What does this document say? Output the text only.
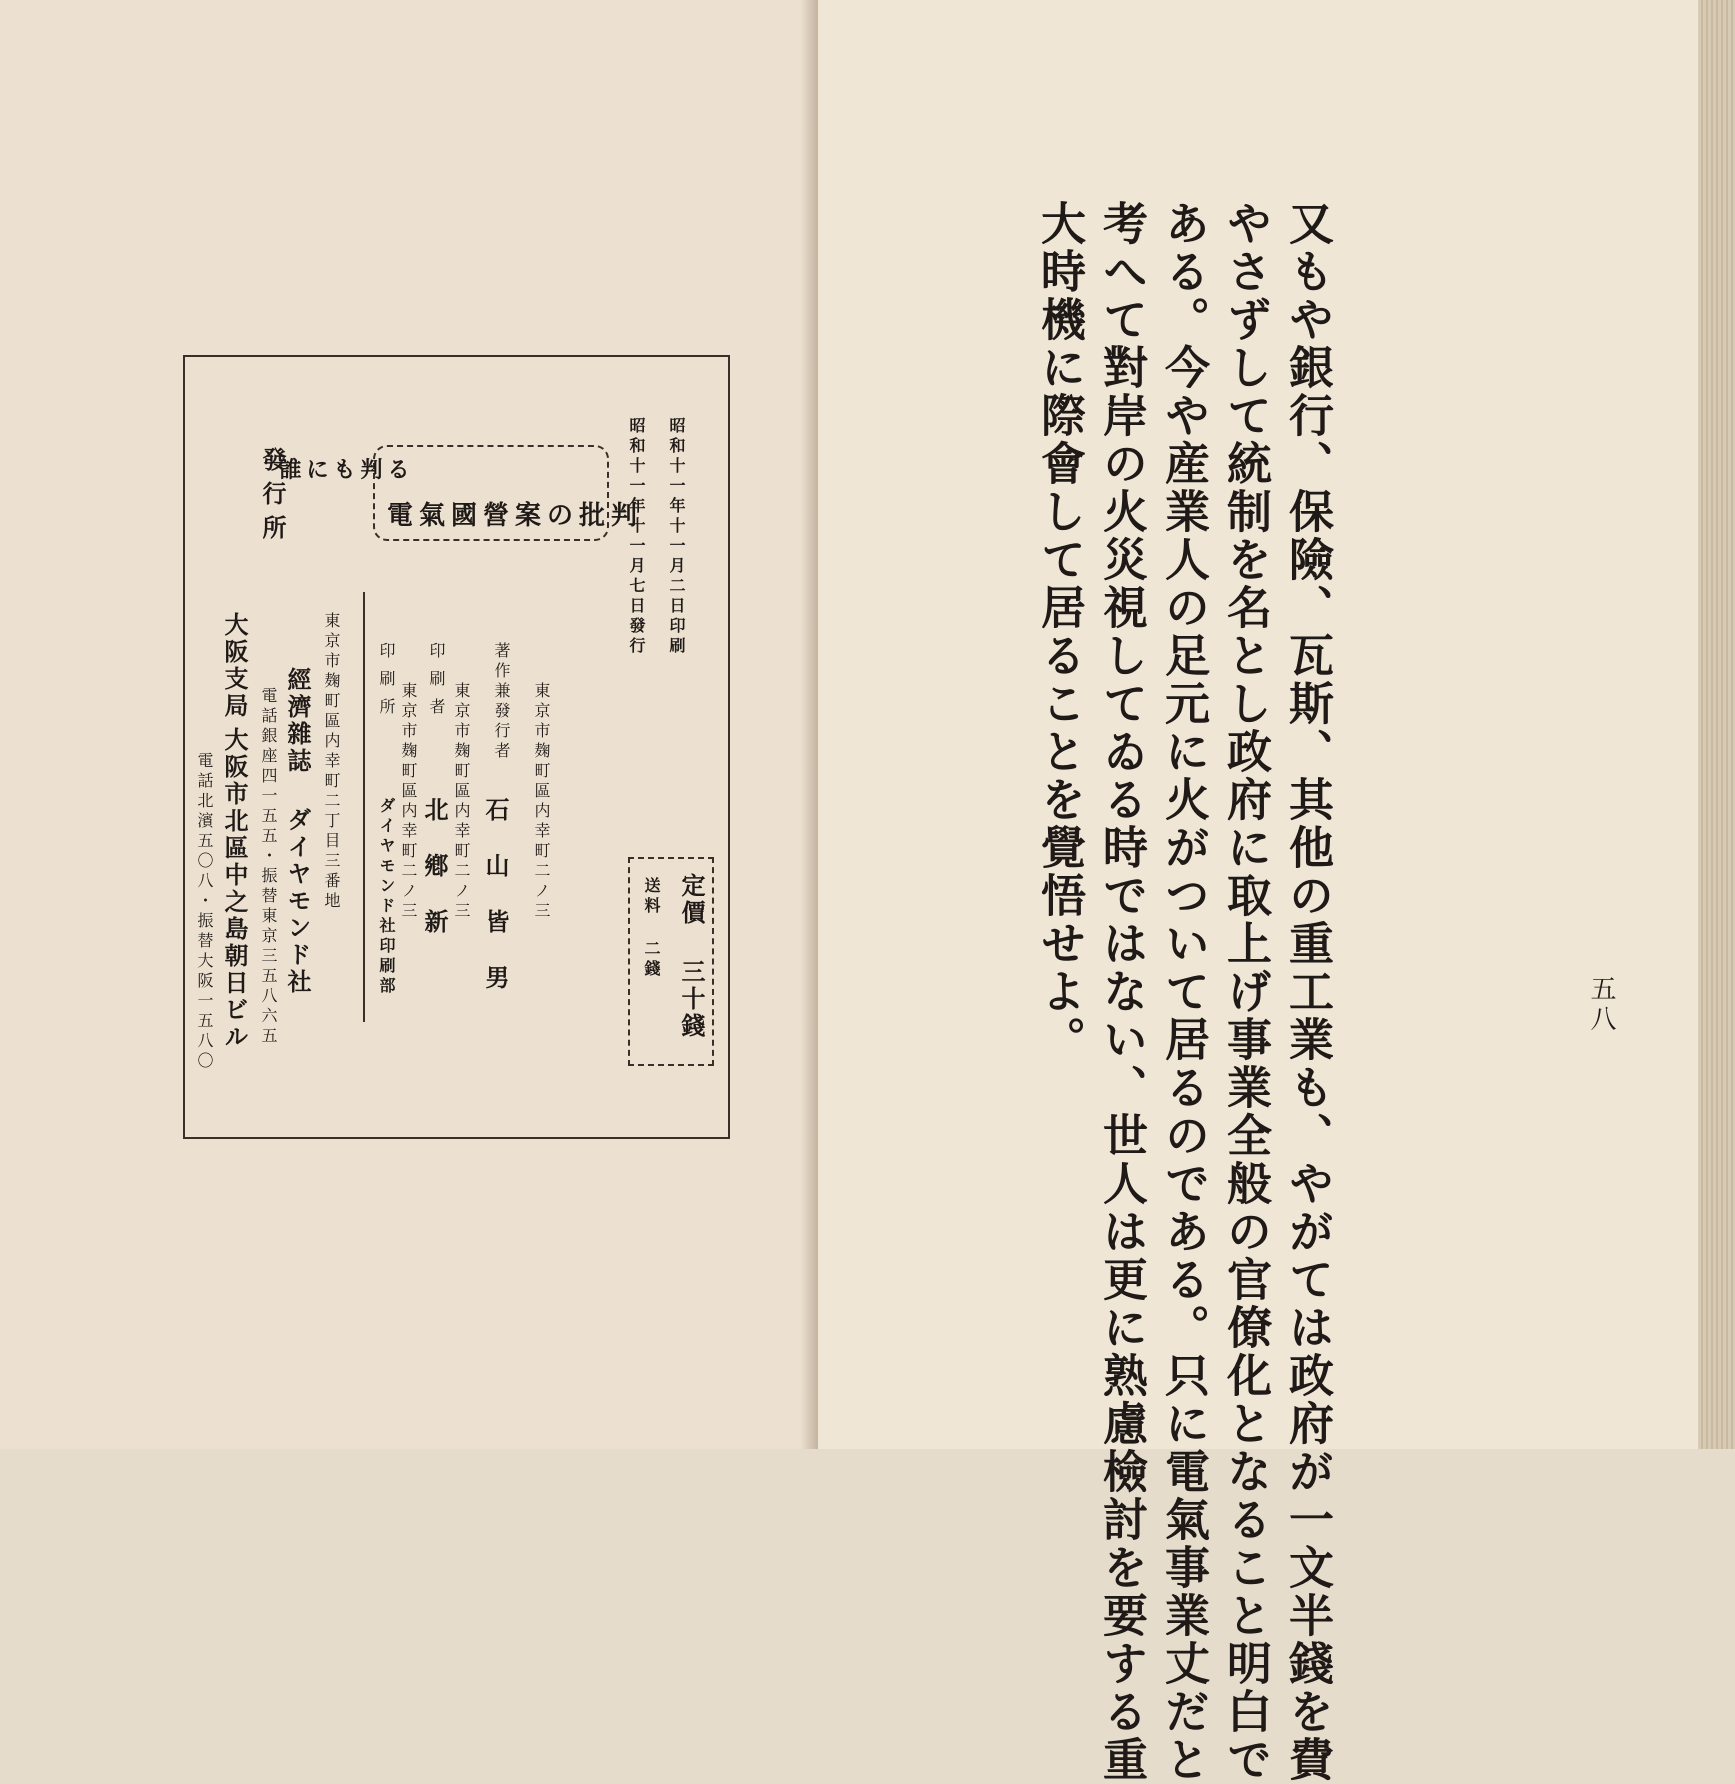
誰にも判る
電氣國營案の批判 昭和十一年十一月二日印刷
昭和十一年十一月七日發行
定價 三十錢
送料 二錢
東京市麹町區内幸町二ノ三
著作兼發行者
石山皆男
東京市麹町區内幸町二ノ三
印刷者
北鄕新
東京市麹町區内幸町二ノ三
印刷所
ダイヤモンド社印刷部
發行所
東京市麹町區内幸町二丁目三番地
經濟雜誌 ダイヤモンド社
電話銀座四一五五・振替東京三五八六五
大阪支局
大阪市北區中之島朝日ビル
電話北濱五〇八・振替大阪一五八〇	又もや銀行、保險、瓦斯、其他の重工業も、やがては政府が一文半錢を費
やさずして統制を名とし政府に取上げ事業全般の官僚化となること明白で
ある。今や産業人の足元に火がついて居るのである。只に電氣事業丈だと
考へて對岸の火災視してゐる時ではない、世人は更に熟慮檢討を要する重
大時機に際會して居ることを覺悟せよ。	五八
